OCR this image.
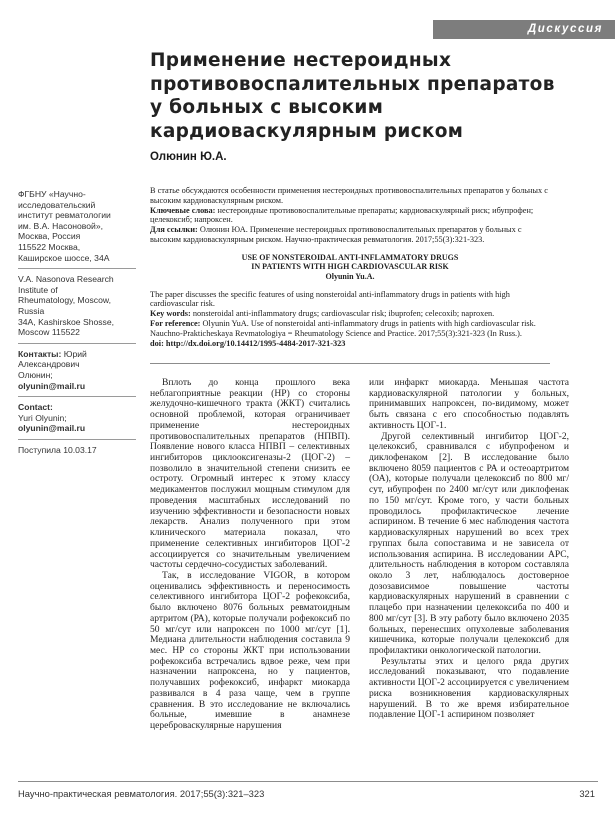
Дискуссия
Применение нестероидных
противовоспалительных препаратов
у больных с высоким
кардиоваскулярным риском
Олюнин Ю.А.
ФГБНУ «Научно-
исследовательский
институт ревматологии
им. В.А. Насоновой»,
Москва, Россия
115522 Москва,
Каширское шоссе, 34А
V.A. Nasonova Research
Institute of
Rheumatology, Moscow,
Russia
34A, Kashirskoe Shosse,
Moscow 115522
Контакты: Юрий
Александрович
Олюнин;
olyunin@mail.ru
Contact:
Yuri Olyunin;
olyunin@mail.ru
Поступила 10.03.17

В статье обсуждаются особенности применения нестероидных противовоспалительных препаратов у больных с высоким кардиоваскулярным риском.

Ключевые слова: нестероидные противовоспалительные препараты; кардиоваскулярный риск; ибупрофен; целекоксиб; напроксен.

Для ссылки: Олюнин ЮА. Применение нестероидных противовоспалительных препаратов у больных с высоким кардиоваскулярным риском. Научно-практическая ревматология. 2017;55(3):321-323.

USE OF NONSTEROIDAL ANTI-INFLAMMATORY DRUGS
IN PATIENTS WITH HIGH CARDIOVASCULAR RISK
Olyunin Yu.A.

The paper discusses the specific features of using nonsteroidal anti-inflammatory drugs in patients with high cardiovascular risk.

Key words: nonsteroidal anti-inflammatory drugs; cardiovascular risk; ibuprofen; celecoxib; naproxen.

For reference: Olyunin YuA. Use of nonsteroidal anti-inflammatory drugs in patients with high cardiovascular risk. Nauchno-Prakticheskaya Revmatologiya = Rheumatology Science and Practice. 2017;55(3):321-323 (In Russ.).

doi: http://dx.doi.org/10.14412/1995-4484-2017-321-323

Вплоть до конца прошлого века неблагоприятные реакции (НР) со стороны желудочно-кишечного тракта (ЖКТ) считались основной проблемой, которая ограничивает применение нестероидных противовоспалительных препаратов (НПВП). Появление нового класса НПВП – селективных ингибиторов циклооксигеназы-2 (ЦОГ-2) – позволило в значительной степени снизить ее остроту. Огромный интерес к этому классу медикаментов послужил мощным стимулом для проведения масштабных исследований по изучению эффективности и безопасности новых лекарств. Анализ полученного при этом клинического материала показал, что применение селективных ингибиторов ЦОГ-2 ассоциируется со значительным увеличением частоты сердечно-сосудистых заболеваний.

Так, в исследование VIGOR, в котором оценивались эффективность и переносимость селективного ингибитора ЦОГ-2 рофекоксиба, было включено 8076 больных ревматоидным артритом (РА), которые получали рофекоксиб по 50 мг/сут или напроксен по 1000 мг/сут [1]. Медиана длительности наблюдения составила 9 мес. НР со стороны ЖКТ при использовании рофекоксиба встречались вдвое реже, чем при назначении напроксена, но у пациентов, получавших рофекоксиб, инфаркт миокарда развивался в 4 раза чаще, чем в группе сравнения. В это исследование не включались больные, имевшие в анамнезе цереброваскулярные нарушения

или инфаркт миокарда. Меньшая частота кардиоваскулярной патологии у больных, принимавших напроксен, по-видимому, может быть связана с его способностью подавлять активность ЦОГ-1.

Другой селективный ингибитор ЦОГ-2, целекоксиб, сравнивался с ибупрофеном и диклофенаком [2]. В исследование было включено 8059 пациентов с РА и остеоартритом (ОА), которые получали целекоксиб по 800 мг/сут, ибупрофен по 2400 мг/сут или диклофенак по 150 мг/сут. Кроме того, у части больных проводилось профилактическое лечение аспирином. В течение 6 мес наблюдения частота кардиоваскулярных нарушений во всех трех группах была сопоставима и не зависела от использования аспирина. В исследовании APC, длительность наблюдения в котором составляла около 3 лет, наблюдалось достоверное дозозависимое повышение частоты кардиоваскулярных нарушений в сравнении с плацебо при назначении целекоксиба по 400 и 800 мг/сут [3]. В эту работу было включено 2035 больных, перенесших опухолевые заболевания кишечника, которые получали целекоксиб для профилактики онкологической патологии.

Результаты этих и целого ряда других исследований показывают, что подавление активности ЦОГ-2 ассоциируется с увеличением риска возникновения кардиоваскулярных нарушений. В то же время избирательное подавление ЦОГ-1 аспирином позволяет

Научно-практическая ревматология. 2017;55(3):321–323	321
